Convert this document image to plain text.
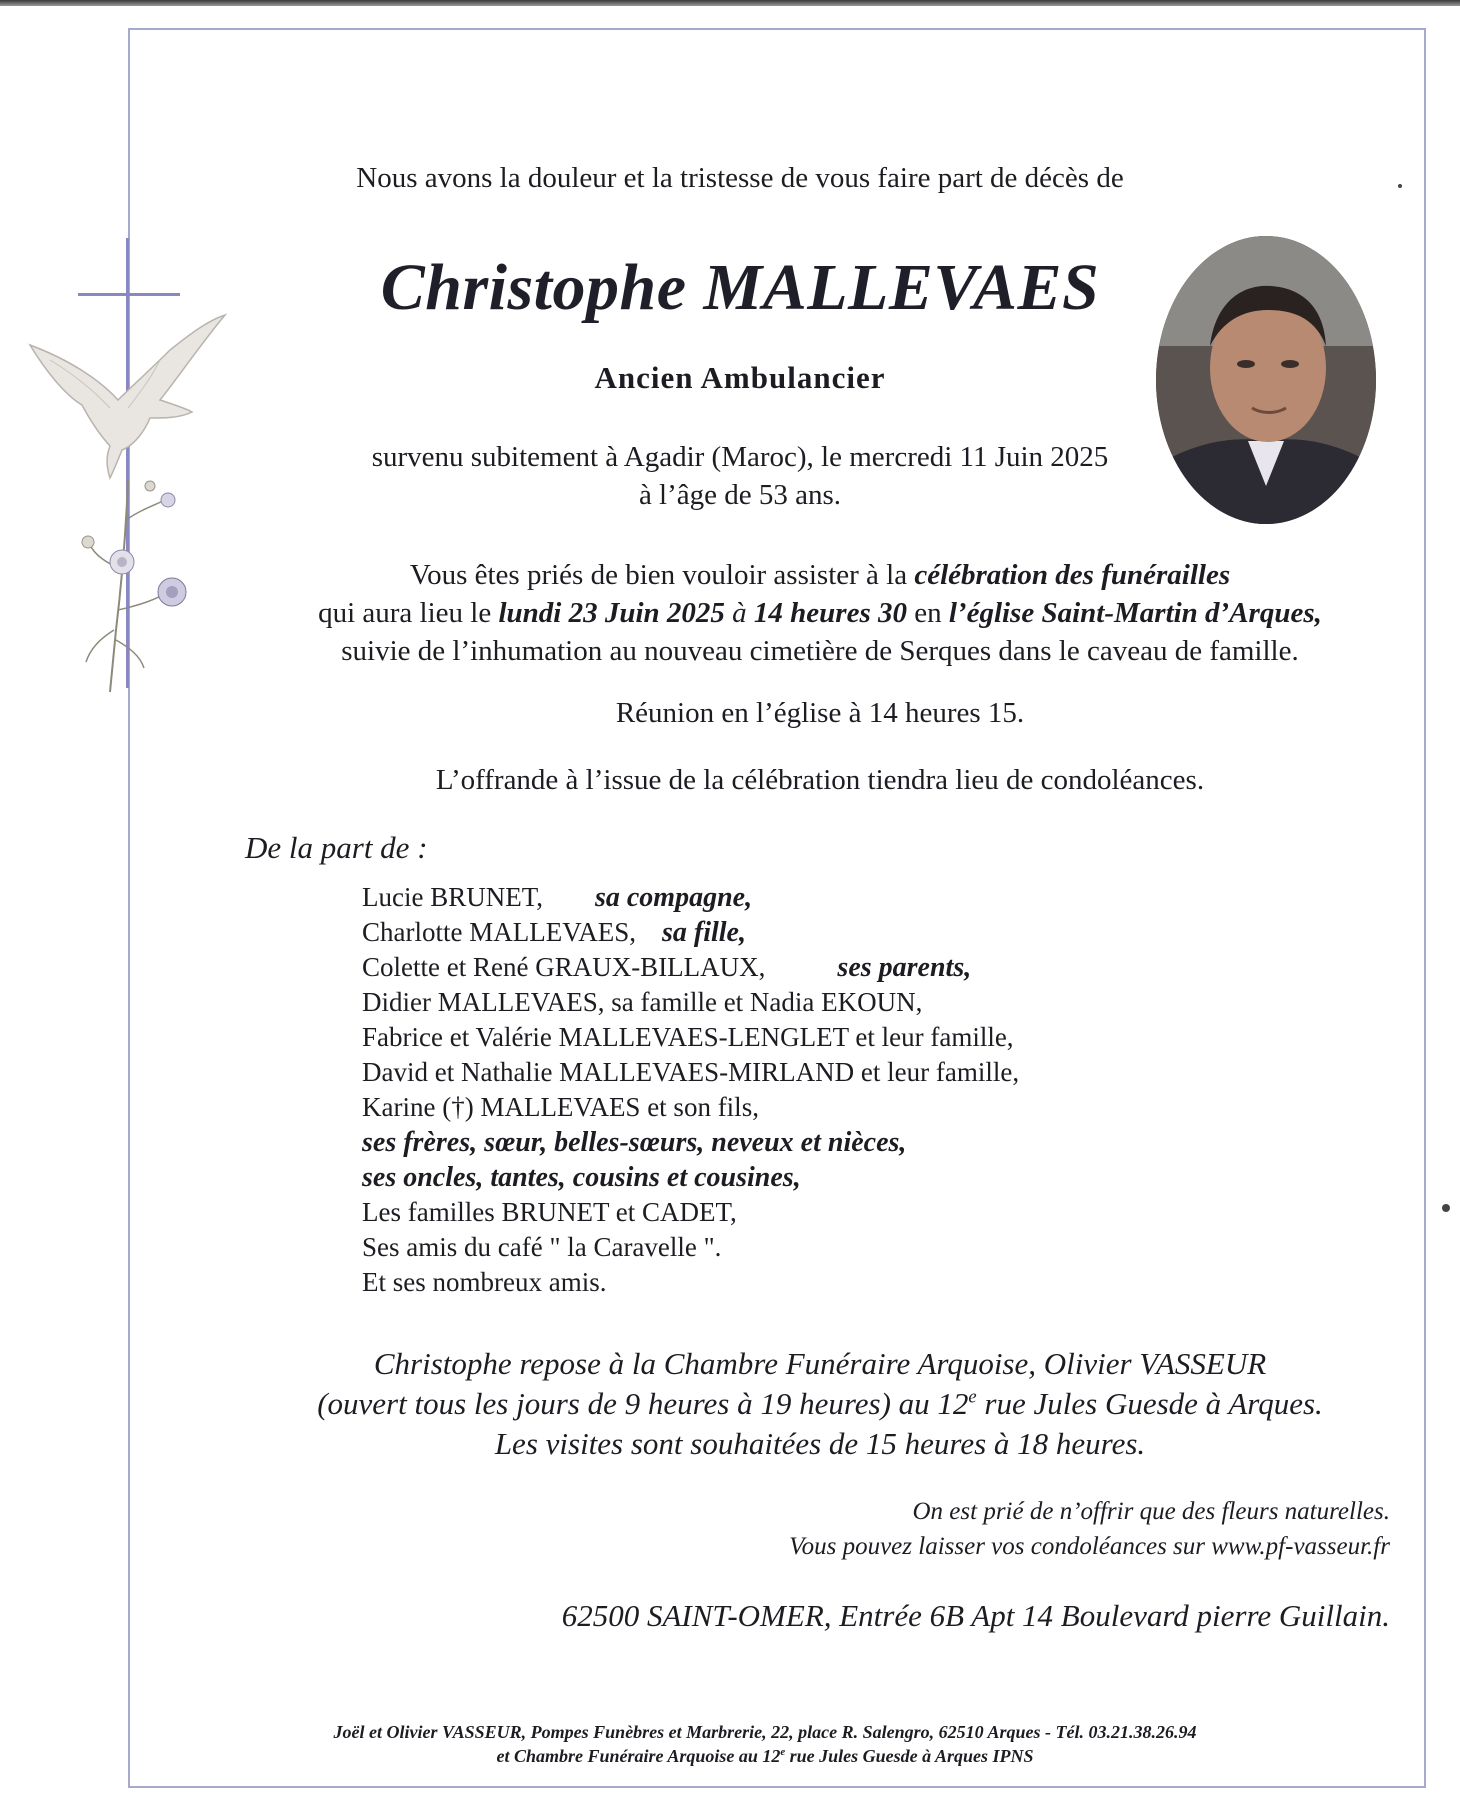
Nous avons la douleur et la tristesse de vous faire part de décès de
Christophe MALLEVAES
Ancien Ambulancier
survenu subitement à Agadir (Maroc), le mercredi 11 Juin 2025
à l’âge de 53 ans.
Vous êtes priés de bien vouloir assister à la célébration des funérailles
qui aura lieu le lundi 23 Juin 2025 à 14 heures 30 en l’église Saint-Martin d’Arques,
suivie de l’inhumation au nouveau cimetière de Serques dans le caveau de famille.
Réunion en l’église à 14 heures 15.
L’offrande à l’issue de la célébration tiendra lieu de condoléances.
De la part de :
Lucie BRUNET, sa compagne,
Charlotte MALLEVAES, sa fille,
Colette et René GRAUX-BILLAUX,	ses parents,
Didier MALLEVAES, sa famille et Nadia EKOUN,
Fabrice et Valérie MALLEVAES-LENGLET et leur famille,
David et Nathalie MALLEVAES-MIRLAND et leur famille,
Karine (†) MALLEVAES et son fils,
ses frères, sœur, belles-sœurs, neveux et nièces,
ses oncles, tantes, cousins et cousines,
Les familles BRUNET et CADET,
Ses amis du café " la Caravelle ".
Et ses nombreux amis.
Christophe repose à la Chambre Funéraire Arquoise, Olivier VASSEUR
(ouvert tous les jours de 9 heures à 19 heures) au 12e rue Jules Guesde à Arques.
Les visites sont souhaitées de 15 heures à 18 heures.
On est prié de n’offrir que des fleurs naturelles.
Vous pouvez laisser vos condoléances sur www.pf-vasseur.fr
62500 SAINT-OMER, Entrée 6B Apt 14 Boulevard pierre Guillain.
Joël et Olivier VASSEUR, Pompes Funèbres et Marbrerie, 22, place R. Salengro, 62510 Arques - Tél. 03.21.38.26.94
et Chambre Funéraire Arquoise au 12e rue Jules Guesde à Arques IPNS
